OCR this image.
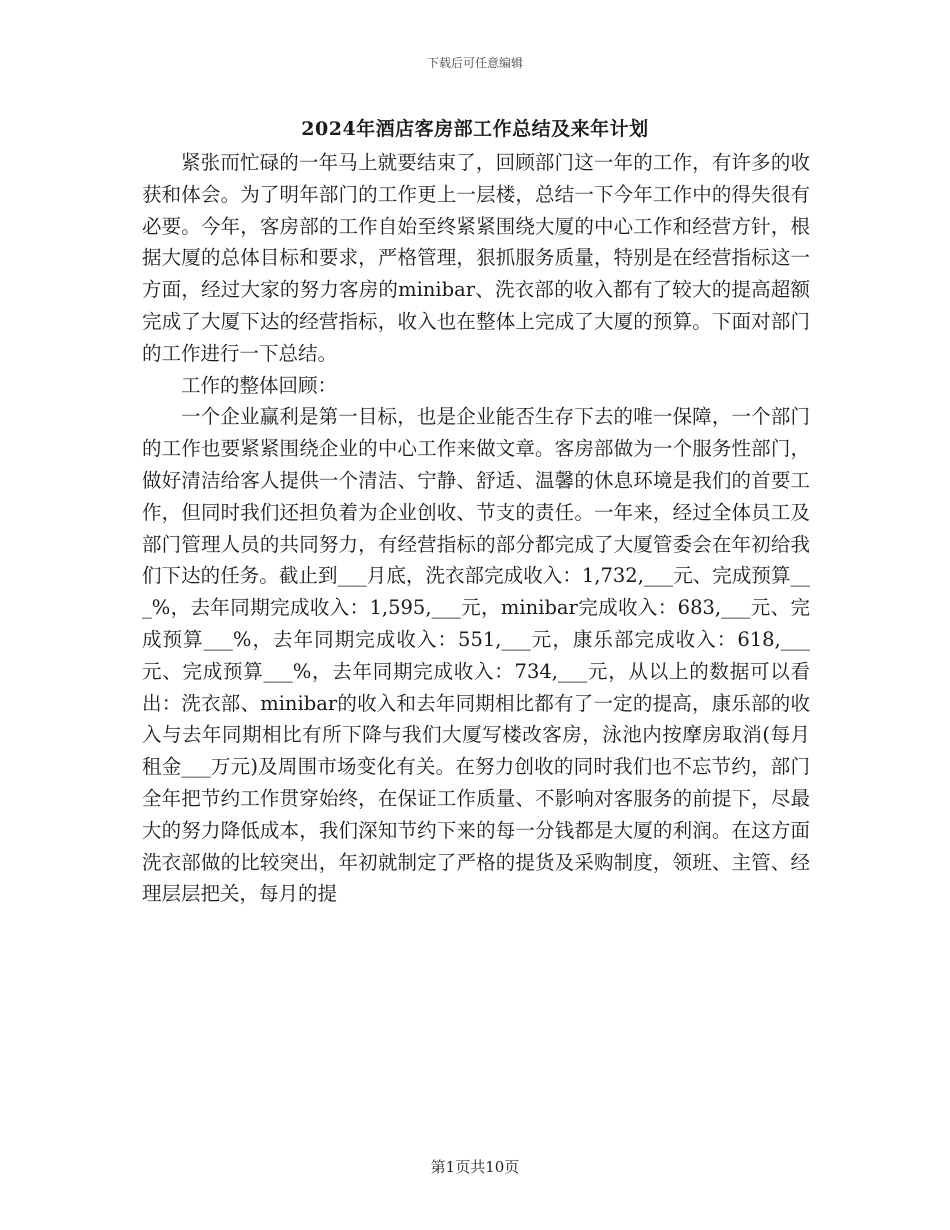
下载后可任意编辑
2024年酒店客房部工作总结及来年计划

紧张而忙碌的一年马上就要结束了，回顾部门这一年的工作，有许多的收获和体会。为了明年部门的工作更上一层楼，总结一下今年工作中的得失很有必要。今年，客房部的工作自始至终紧紧围绕大厦的中心工作和经营方针，根据大厦的总体目标和要求，严格管理，狠抓服务质量，特别是在经营指标这一方面，经过大家的努力客房的minibar、洗衣部的收入都有了较大的提高超额完成了大厦下达的经营指标，收入也在整体上完成了大厦的预算。下面对部门的工作进行一下总结。

工作的整体回顾：

一个企业赢利是第一目标，也是企业能否生存下去的唯一保障，一个部门的工作也要紧紧围绕企业的中心工作来做文章。客房部做为一个服务性部门，做好清洁给客人提供一个清洁、宁静、舒适、温馨的休息环境是我们的首要工作，但同时我们还担负着为企业创收、节支的责任。一年来，经过全体员工及部门管理人员的共同努力，有经营指标的部分都完成了大厦管委会在年初给我们下达的任务。截止到___月底，洗衣部完成收入：1,732,___元、完成预算___%，去年同期完成收入：1,595,___元，minibar完成收入：683,___元、完成预算___%，去年同期完成收入：551,___元，康乐部完成收入：618,___元、完成预算___%，去年同期完成收入：734,___元，从以上的数据可以看出：洗衣部、minibar的收入和去年同期相比都有了一定的提高，康乐部的收入与去年同期相比有所下降与我们大厦写楼改客房，泳池内按摩房取消(每月租金___万元)及周围市场变化有关。在努力创收的同时我们也不忘节约，部门全年把节约工作贯穿始终，在保证工作质量、不影响对客服务的前提下，尽最大的努力降低成本，我们深知节约下来的每一分钱都是大厦的利润。在这方面洗衣部做的比较突出，年初就制定了严格的提货及采购制度，领班、主管、经理层层把关，每月的提

第1页共10页
